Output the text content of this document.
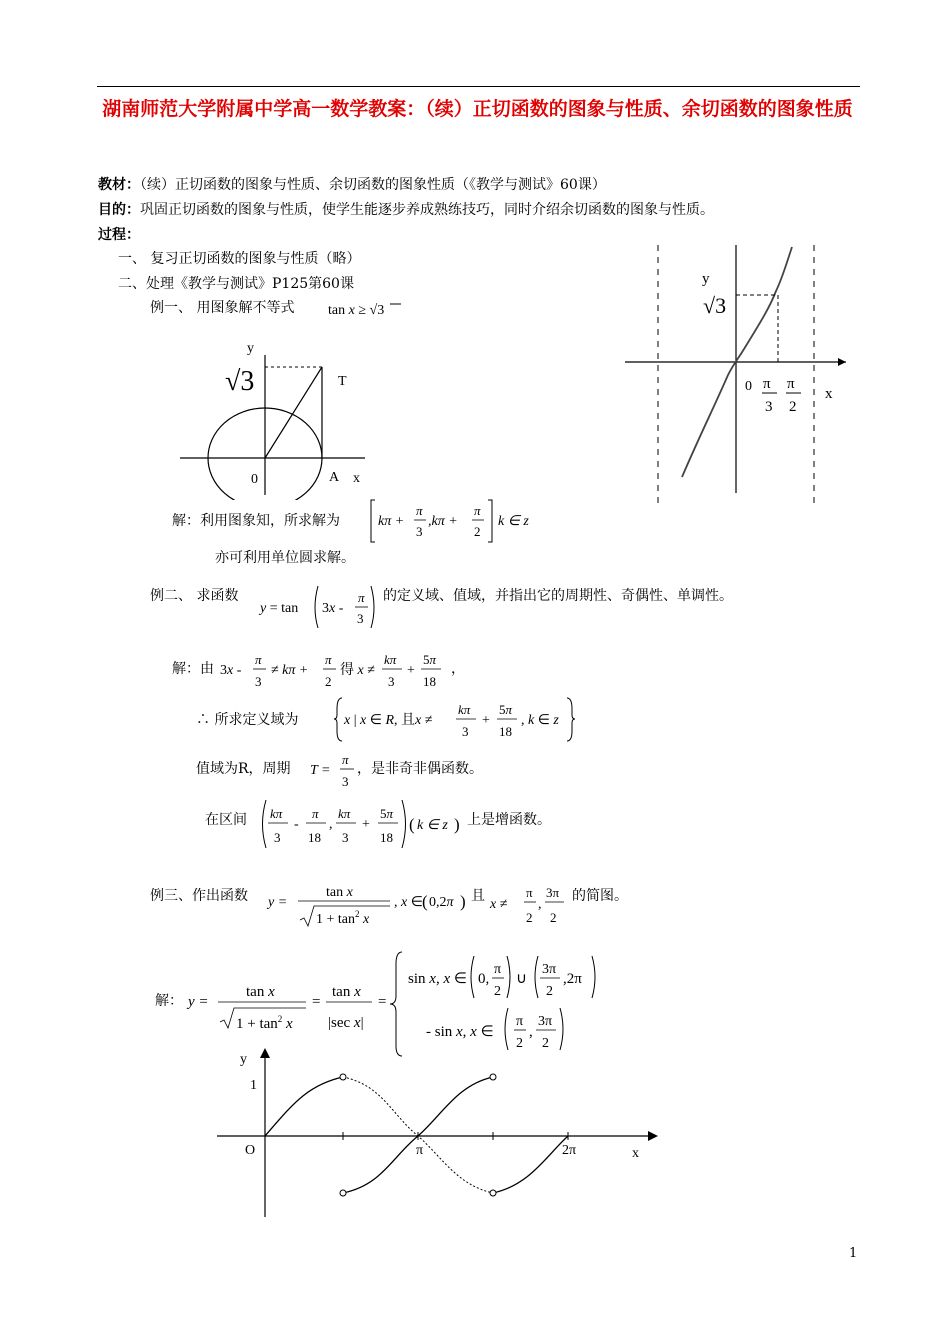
湖南师范大学附属中学高一数学教案：（续）正切函数的图象与性质、余切函数的图象性质
教材：（续）正切函数的图象与性质、余切函数的图象性质（《教学与测试》60课）
目的：巩固正切函数的图象与性质，使学生能逐步养成熟练技巧，同时介绍余切函数的图象与性质。
过程：
一、 复习正切函数的图象与性质（略）
二、处理《教学与测试》P125第60课
例一、 用图象解不等式 tan x ≥ √3
y
√3	T
0	A x
y
√3
0 π
3
π
2
x
解：利用图象知，所求解为	kπ +
π
3
,kπ +
π
2
k ∈ z
亦可利用单位圆求解。
例二、 求函数
y = tan 3x -
π
3
的定义域、值域，并指出它的周期性、奇偶性、单调性。
解：由 3x -
π
3
≠ kπ +
π
2
得 x ≠
kπ
3
+
5π
18
，
∴ 所求定义域为	x | x ∈ R, 且x ≠
kπ
3
+
5π
18
, k ∈ z
值域为R，周期 T =
π
3
，是非奇非偶函数。
在区间 kπ
3
-
π
18
,
kπ
3
+
5π
18
( k ∈ z ) 上是增函数。
例三、作出函数 y =
tan x
$1 + \tan^2 x$
, x ∈ ( 0,2π ) 且
x ≠
π
2
,
3π
2
的简图。
解： y =
tan x
$1 + \tan^2 x$
=
tan x
|sec x|
=
sin x, x ∈ 0,
π
2
∪
3π
2
,2π
- sin x, x ∈
π
2
,
3π
2
y
1
O	π	2π	x
1
